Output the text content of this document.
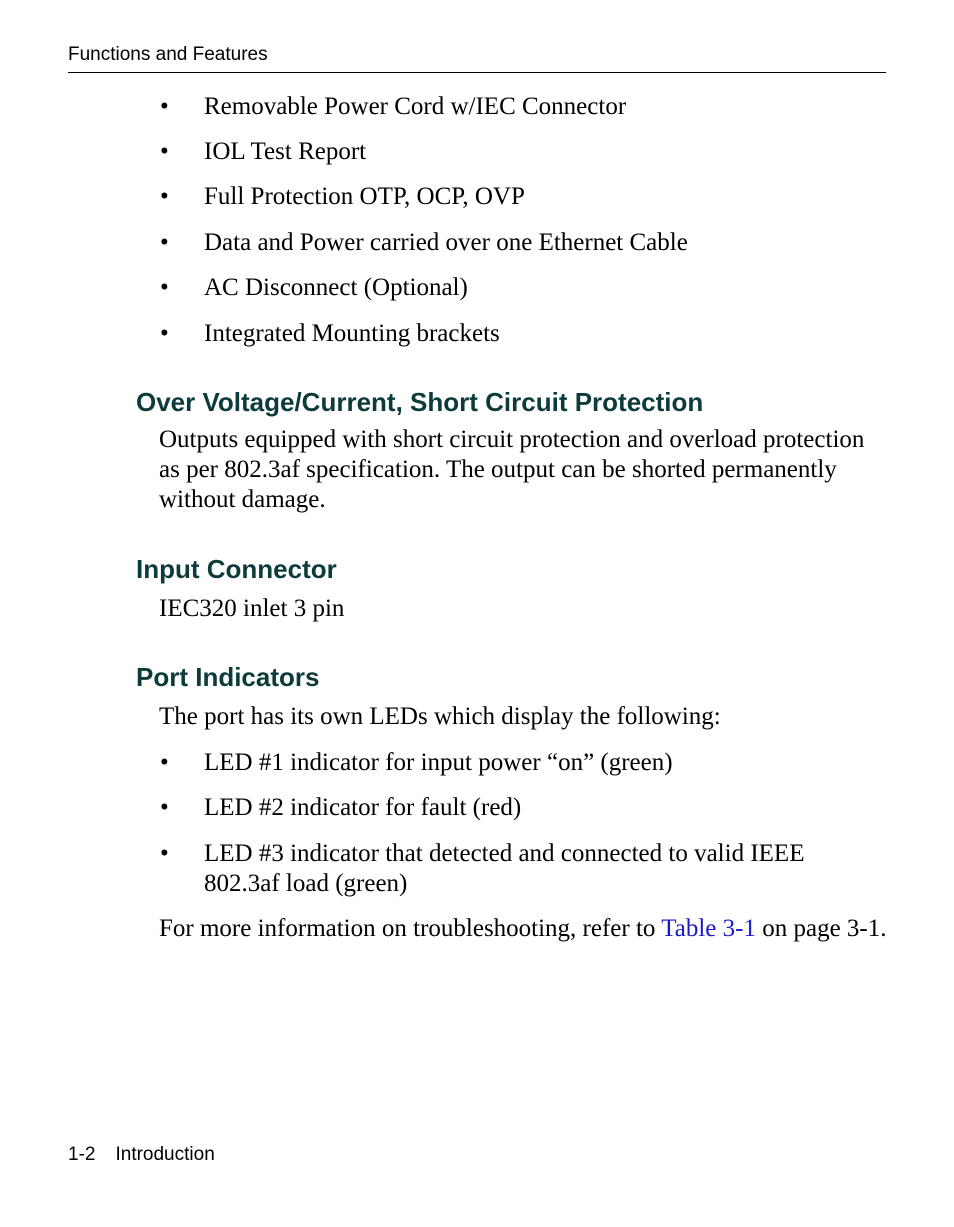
Functions and Features
• Removable Power Cord w/IEC Connector
• IOL Test Report
• Full Protection OTP, OCP, OVP
• Data and Power carried over one Ethernet Cable
• AC Disconnect (Optional)
• Integrated Mounting brackets
Over Voltage/Current, Short Circuit Protection
Outputs equipped with short circuit protection and overload protection as per 802.3af specification. The output can be shorted permanently without damage.
Input Connector
IEC320 inlet 3 pin
Port Indicators
The port has its own LEDs which display the following:
• LED #1 indicator for input power “on” (green)
• LED #2 indicator for fault (red)
• LED #3 indicator that detected and connected to valid IEEE 802.3af load (green)
For more information on troubleshooting, refer to Table 3-1 on page 3-1.
1-2 Introduction
